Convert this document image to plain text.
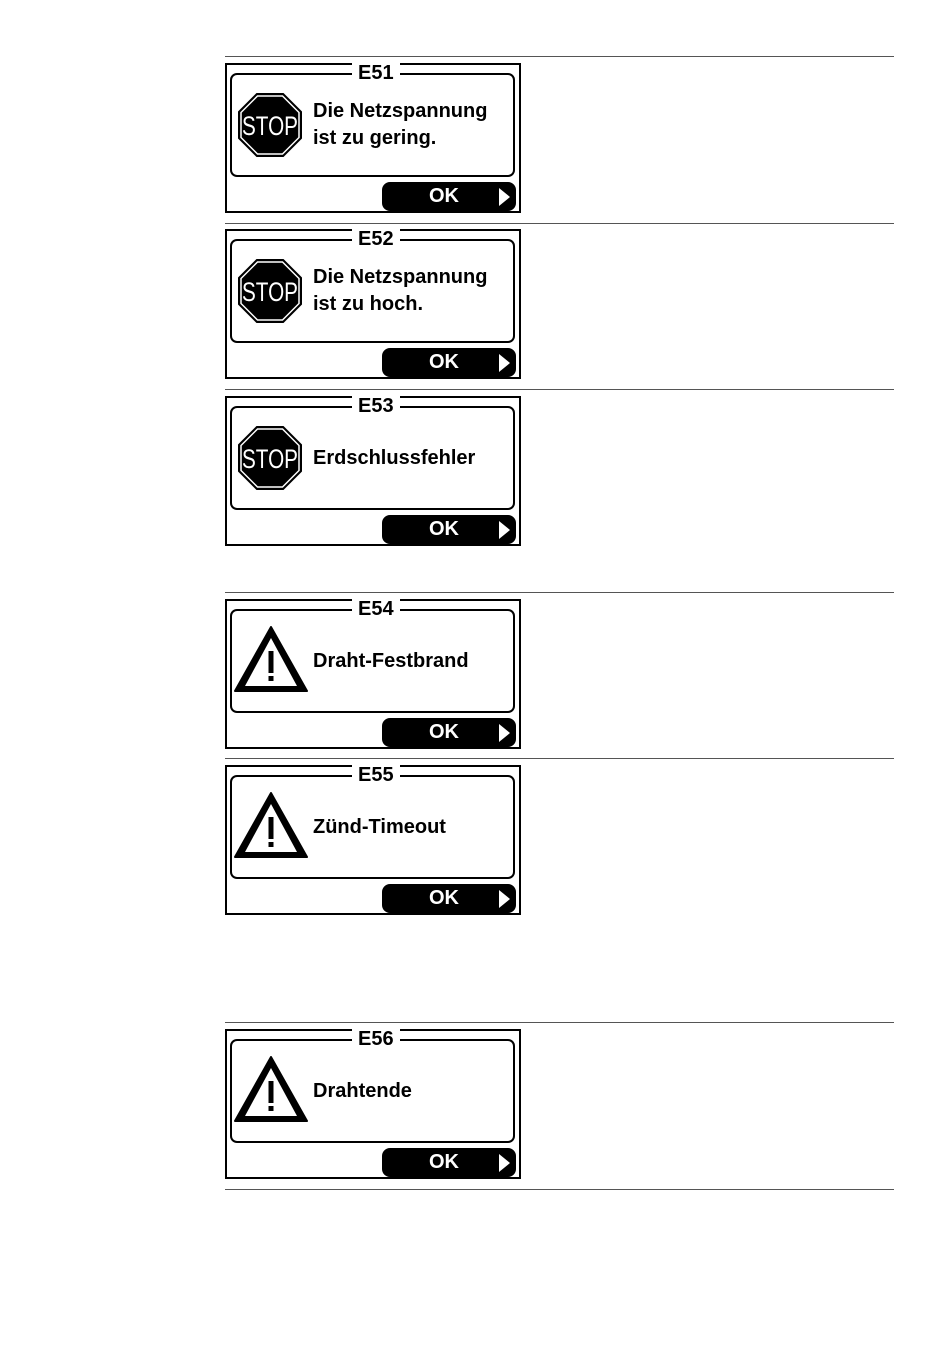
E51
STOP Die Netzspannung
ist zu gering.
OK
E52
STOP Die Netzspannung
ist zu hoch.
OK
E53
STOP Erdschlussfehler
OK
E54
Draht-Festbrand
OK
E55
Zünd-Timeout
OK
E56
Drahtende
OK
